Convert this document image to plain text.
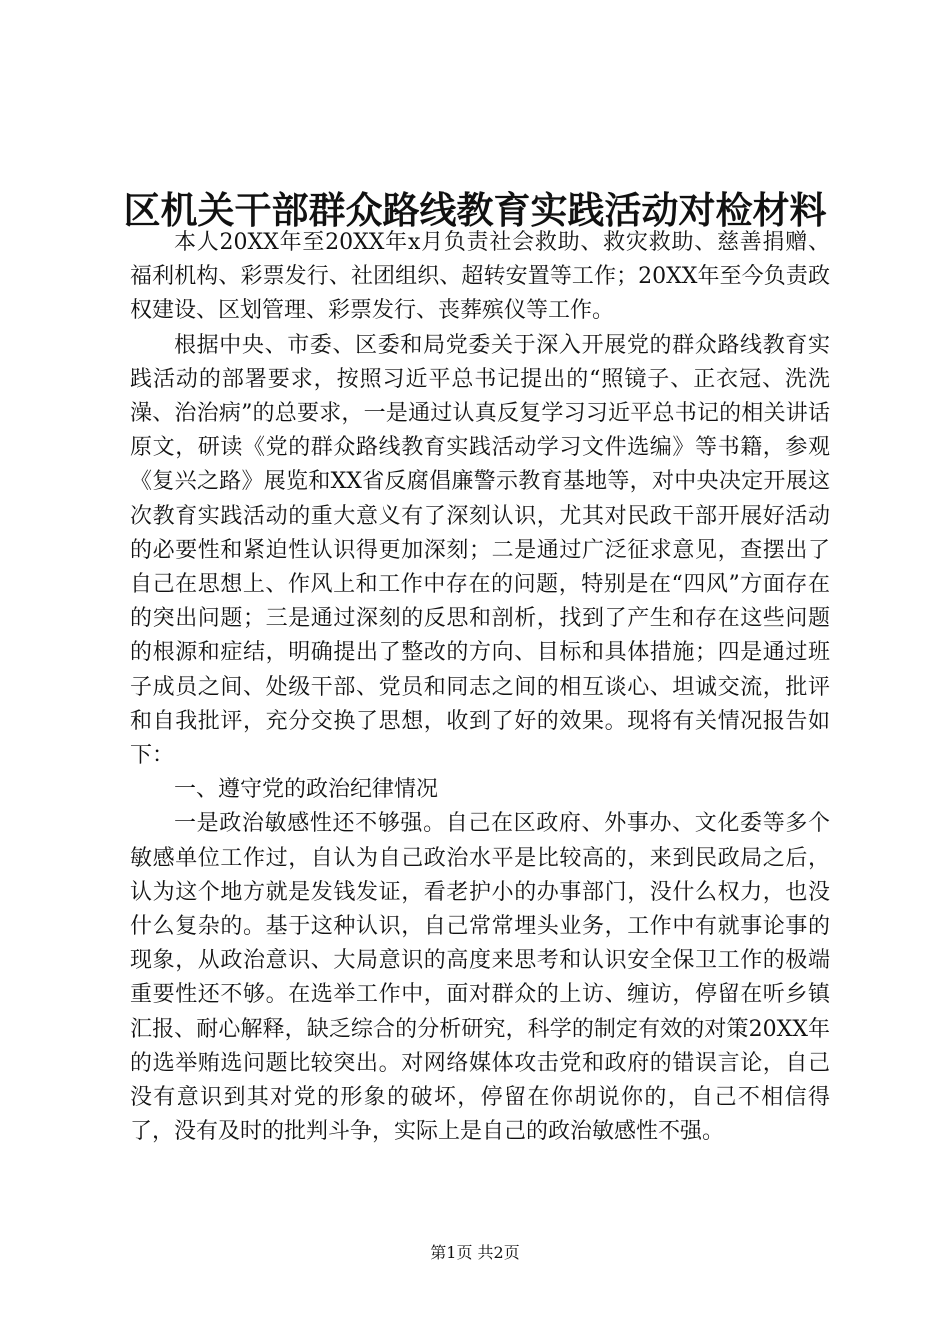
区机关干部群众路线教育实践活动对检材料

本人20XX年至20XX年x月负责社会救助、救灾救助、慈善捐赠、福利机构、彩票发行、社团组织、超转安置等工作；20XX年至今负责政权建设、区划管理、彩票发行、丧葬殡仪等工作。

根据中央、市委、区委和局党委关于深入开展党的群众路线教育实践活动的部署要求，按照习近平总书记提出的“照镜子、正衣冠、洗洗澡、治治病”的总要求，一是通过认真反复学习习近平总书记的相关讲话原文，研读《党的群众路线教育实践活动学习文件选编》等书籍，参观《复兴之路》展览和XX省反腐倡廉警示教育基地等，对中央决定开展这次教育实践活动的重大意义有了深刻认识，尤其对民政干部开展好活动的必要性和紧迫性认识得更加深刻；二是通过广泛征求意见，查摆出了自己在思想上、作风上和工作中存在的问题，特别是在“四风”方面存在的突出问题；三是通过深刻的反思和剖析，找到了产生和存在这些问题的根源和症结，明确提出了整改的方向、目标和具体措施；四是通过班子成员之间、处级干部、党员和同志之间的相互谈心、坦诚交流，批评和自我批评，充分交换了思想，收到了好的效果。现将有关情况报告如下：

一、遵守党的政治纪律情况

一是政治敏感性还不够强。自己在区政府、外事办、文化委等多个敏感单位工作过，自认为自己政治水平是比较高的，来到民政局之后，认为这个地方就是发钱发证，看老护小的办事部门，没什么权力，也没什么复杂的。基于这种认识，自己常常埋头业务，工作中有就事论事的现象，从政治意识、大局意识的高度来思考和认识安全保卫工作的极端重要性还不够。在选举工作中，面对群众的上访、缠访，停留在听乡镇汇报、耐心解释，缺乏综合的分析研究，科学的制定有效的对策20XX年的选举贿选问题比较突出。对网络媒体攻击党和政府的错误言论，自己没有意识到其对党的形象的破坏，停留在你胡说你的，自己不相信得了，没有及时的批判斗争，实际上是自己的政治敏感性不强。

第1页 共2页
